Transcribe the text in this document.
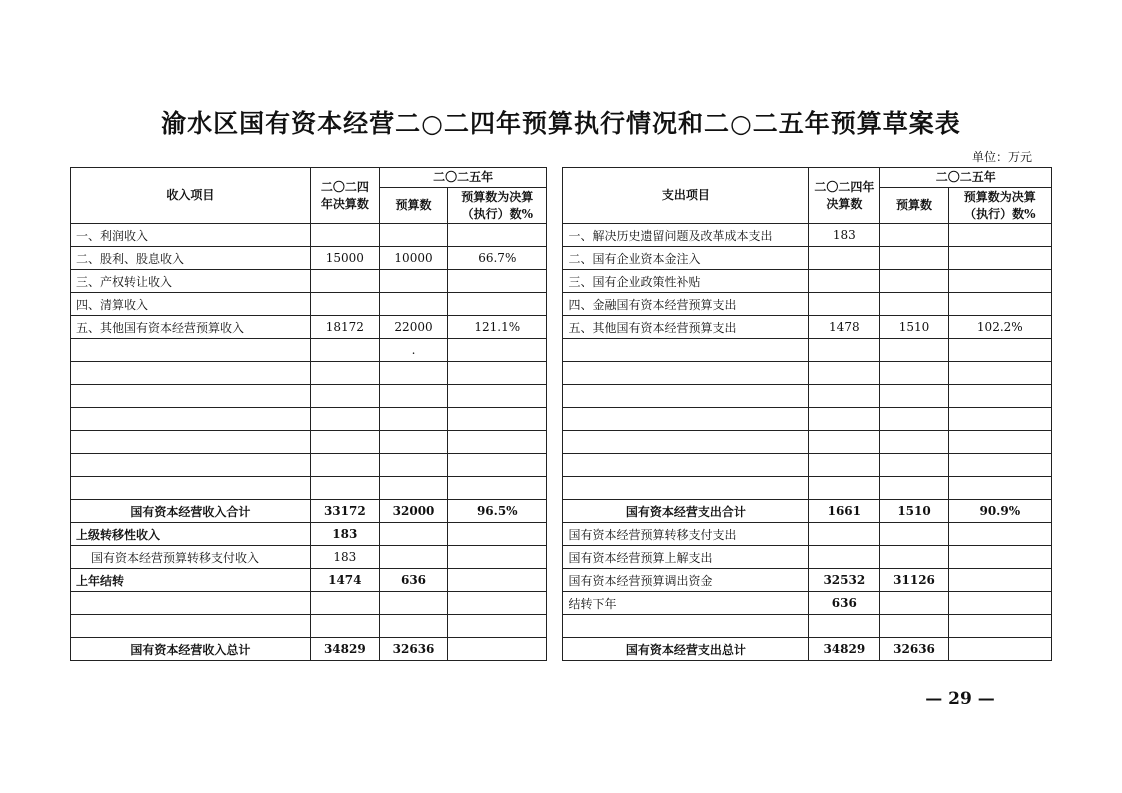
渝水区国有资本经营二○二四年预算执行情况和二○二五年预算草案表
单位：万元
收入项目	二〇二四年决算数	二〇二五年			支出项目	二〇二四年决算数	二〇二五年	
		预算数	预算数为决算（执行）数%				预算数	预算数为决算（执行）数%
一、利润收入					一、解决历史遗留问题及改革成本支出	183		
二、股利、股息收入	15000	10000	66.7%		二、国有企业资本金注入			
三、产权转让收入					三、国有企业政策性补贴			
四、清算收入					四、金融国有资本经营预算支出			
五、其他国有资本经营预算收入	18172	22000	121.1%		五、其他国有资本经营预算支出	1478	1510	102.2%
		.						

国有资本经营收入合计	33172	32000	96.5%		国有资本经营支出合计	1661	1510	90.9%
上级转移性收入	183				国有资本经营预算转移支付支出			
国有资本经营预算转移支付收入	183				国有资本经营预算上解支出			
上年结转	1474	636			国有资本经营预算调出资金	32532	31126	
					结转下年	636		

国有资本经营收入总计	34829	32636			国有资本经营支出总计	34829	32636	
— 29 —
